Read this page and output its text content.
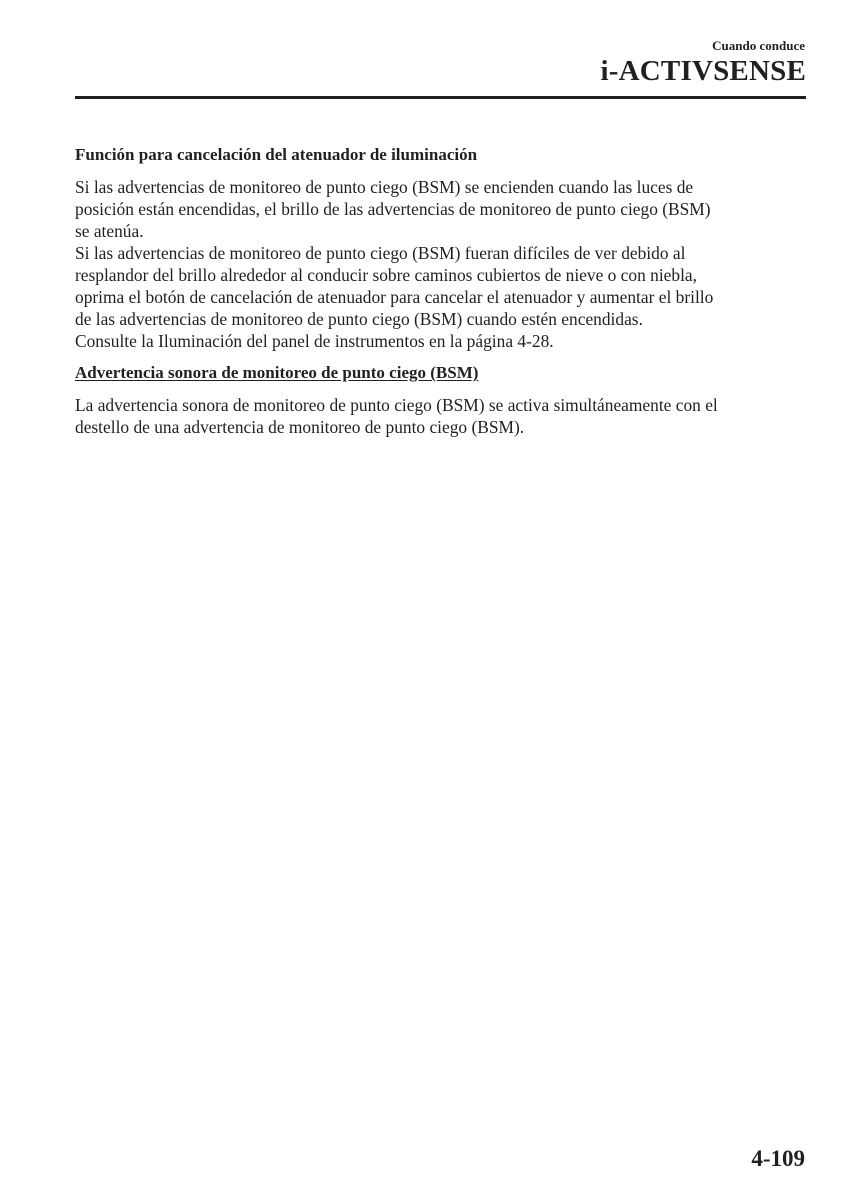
Cuando conduce
i-ACTIVSENSE
Función para cancelación del atenuador de iluminación
Si las advertencias de monitoreo de punto ciego (BSM) se encienden cuando las luces de
posición están encendidas, el brillo de las advertencias de monitoreo de punto ciego (BSM)
se atenúa.
Si las advertencias de monitoreo de punto ciego (BSM) fueran difíciles de ver debido al
resplandor del brillo alrededor al conducir sobre caminos cubiertos de nieve o con niebla,
oprima el botón de cancelación de atenuador para cancelar el atenuador y aumentar el brillo
de las advertencias de monitoreo de punto ciego (BSM) cuando estén encendidas.
Consulte la Iluminación del panel de instrumentos en la página 4-28.
Advertencia sonora de monitoreo de punto ciego (BSM)
La advertencia sonora de monitoreo de punto ciego (BSM) se activa simultáneamente con el
destello de una advertencia de monitoreo de punto ciego (BSM).
4-109
